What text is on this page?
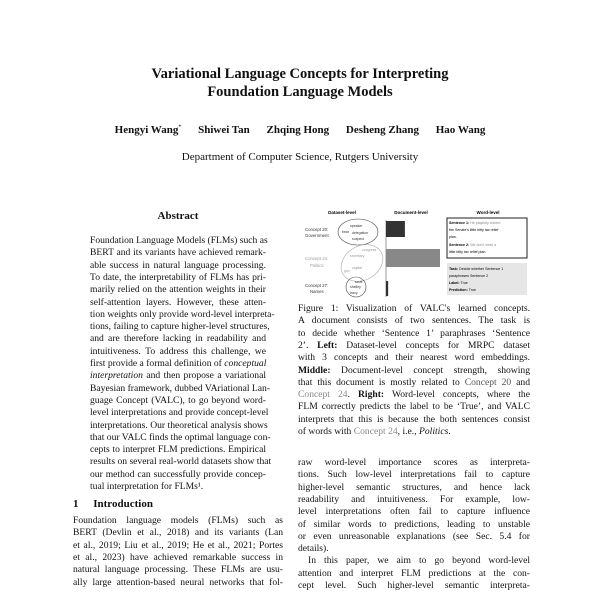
Variational Language Concepts for Interpreting
Foundation Language Models
Hengyi Wang* Shiwei Tan Zhqing Hong Desheng Zhang Hao Wang
Department of Computer Science, Rutgers University
Abstract
Foundation Language Models (FLMs) such as
BERT and its variants have achieved remark-
able success in natural language processing.
To date, the interpretability of FLMs has pri-
marily relied on the attention weights in their
self-attention layers. However, these atten-
tion weights only provide word-level interpreta-
tions, failing to capture higher-level structures,
and are therefore lacking in readability and
intuitiveness. To address this challenge, we
first provide a formal definition of conceptual
interpretation and then propose a variational
Bayesian framework, dubbed VAriational Lan-
guage Concept (VALC), to go beyond word-
level interpretations and provide concept-level
interpretations. Our theoretical analysis shows
that our VALC finds the optimal language con-
cepts to interpret FLM predictions. Empirical
results on several real-world datasets show that
our method can successfully provide concep-
tual interpretation for FLMs¹.
1 Introduction
Foundation language models (FLMs) such as
BERT (Devlin et al., 2018) and its variants (Lan
et al., 2019; Liu et al., 2019; He et al., 2021; Portes
et al., 2023) have achieved remarkable success in
natural language processing. These FLMs are usu-
ally large attention-based neural networks that fol-
Dataset-level	Document-level	Word-level
Concept 20:
Government
Concept 24:
Politics
Concept 27:
Names
speaker
delegation
bear
suspect
congress
secretary
capital
gov
scott
shelley
tracy
Sentence 1: He playfully chided
the Senate's little bitty tax relief
plan.
Sentence 2: We don't need a
little bitty tax relief plan.
Task: Decide whether Sentence 1
paraphrases Sentence 2
Label: True
Prediction: True
Figure 1: Visualization of VALC's learned concepts.
A document consists of two sentences. The task is
to decide whether ‘Sentence 1’ paraphrases ‘Sentence
2’. Left: Dataset-level concepts for MRPC dataset
with 3 concepts and their nearest word embeddings.
Middle: Document-level concept strength, showing
that this document is mostly related to Concept 20 and
Concept 24. Right: Word-level concepts, where the
FLM correctly predicts the label to be ‘True’, and VALC
interprets that this is because the both sentences consist
of words with Concept 24, i.e., Politics.
raw word-level importance scores as interpreta-
tions. Such low-level interpretations fail to capture
higher-level semantic structures, and hence lack
readability and intuitiveness. For example, low-
level interpretations often fail to capture influence
of similar words to predictions, leading to unstable
or even unreasonable explanations (see Sec. 5.4 for
details).
In this paper, we aim to go beyond word-level
attention and interpret FLM predictions at the con-
cept level. Such higher-level semantic interpreta-
